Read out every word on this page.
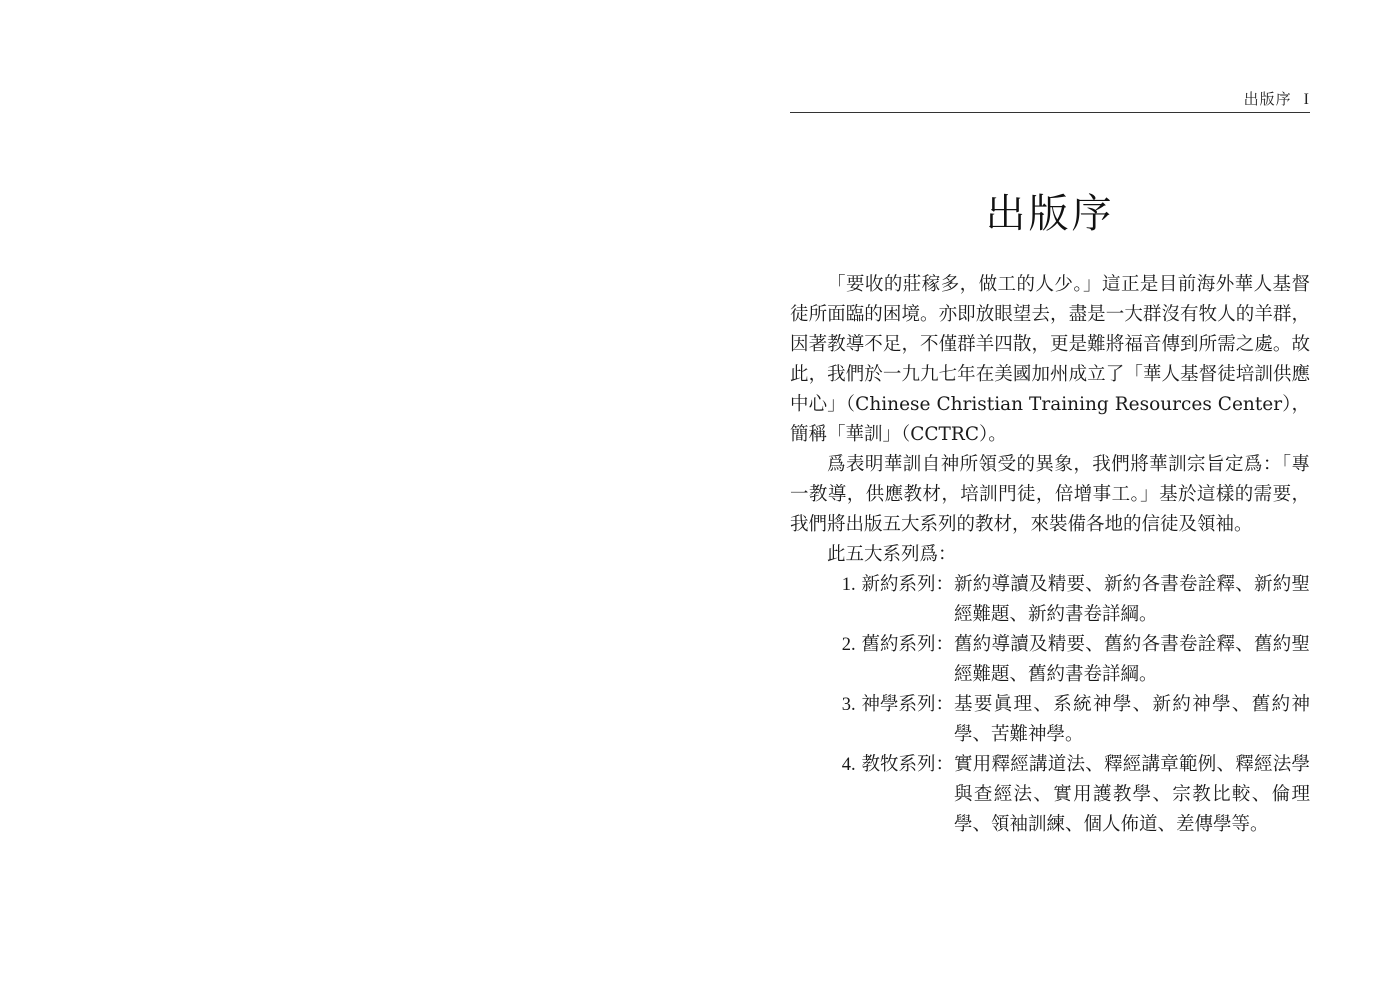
出版序 I
出版序

「要收的莊稼多，做工的人少。」這正是目前海外華人基督徒所面臨的困境。亦即放眼望去，盡是一大群沒有牧人的羊群，因著教導不足，不僅群羊四散，更是難將福音傳到所需之處。故此，我們於一九九七年在美國加州成立了「華人基督徒培訓供應中心」（Chinese Christian Training Resources Center），簡稱「華訓」（CCTRC）。

爲表明華訓自神所領受的異象，我們將華訓宗旨定爲：「專一教導，供應教材，培訓門徒，倍增事工。」基於這樣的需要，我們將出版五大系列的教材，來裝備各地的信徒及領袖。

此五大系列爲：

1. 新約系列： 新約導讀及精要、新約各書卷詮釋、新約聖經難題、新約書卷詳綱。
2. 舊約系列： 舊約導讀及精要、舊約各書卷詮釋、舊約聖經難題、舊約書卷詳綱。
3. 神學系列： 基要眞理、系統神學、新約神學、舊約神學、苦難神學。
4. 教牧系列： 實用釋經講道法、釋經講章範例、釋經法學與查經法、實用護教學、宗教比較、倫理學、領袖訓練、個人佈道、差傳學等。
